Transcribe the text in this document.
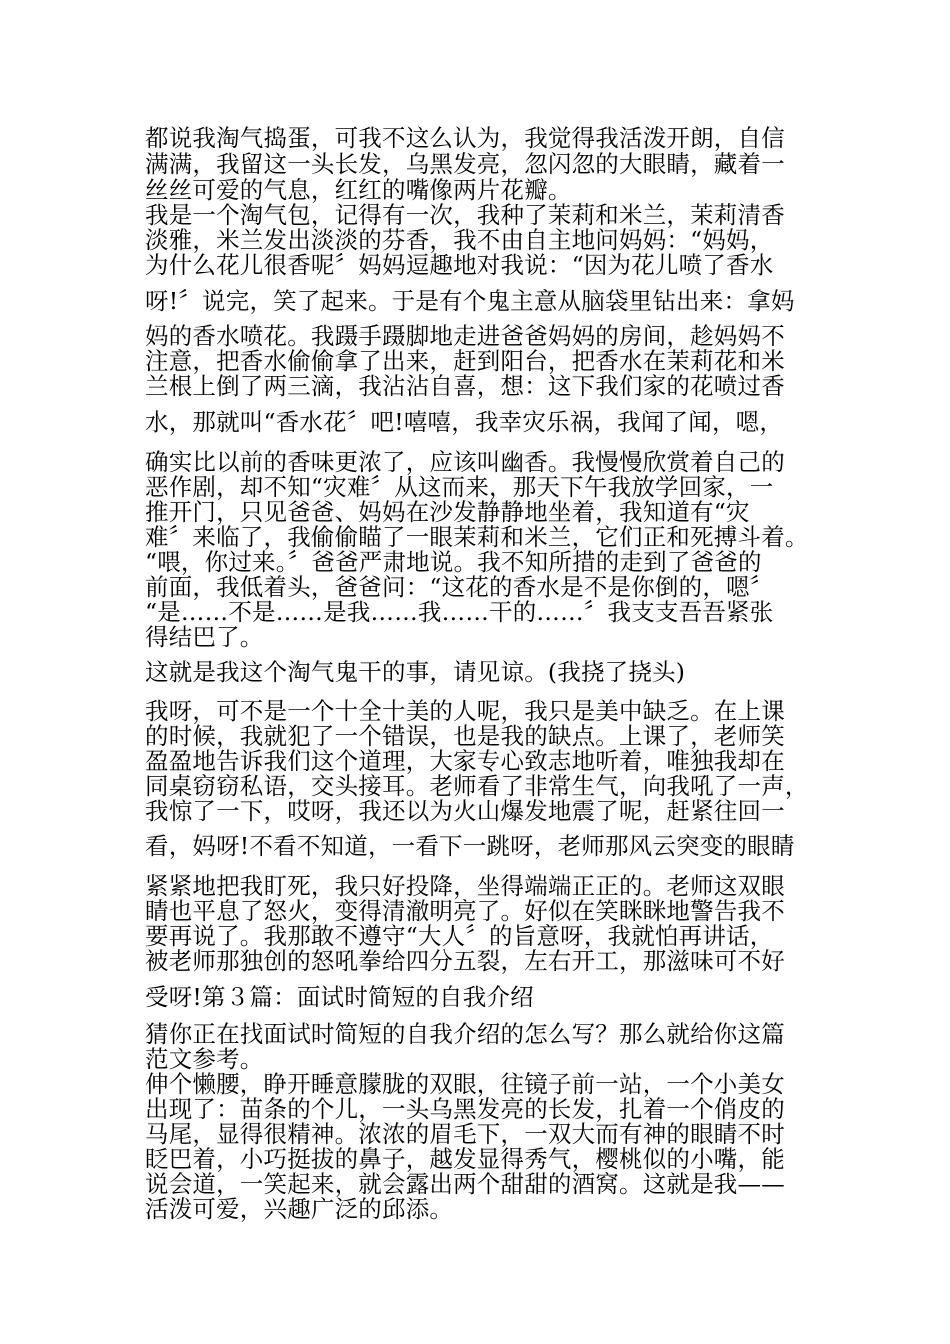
都说我淘气捣蛋，可我不这么认为，我觉得我活泼开朗，自信
满满，我留这一头长发，乌黑发亮，忽闪忽的大眼睛，藏着一
丝丝可爱的气息，红红的嘴像两片花瓣。
我是一个淘气包，记得有一次，我种了茉莉和米兰，茉莉清香
淡雅，米兰发出淡淡的芬香，我不由自主地问妈妈：“妈妈，
为什么花儿很香呢〞妈妈逗趣地对我说：“因为花儿喷了香水
呀!〞说完，笑了起来。于是有个鬼主意从脑袋里钻出来：拿妈
妈的香水喷花。我蹑手蹑脚地走进爸爸妈妈的房间，趁妈妈不
注意，把香水偷偷拿了出来，赶到阳台，把香水在茉莉花和米
兰根上倒了两三滴，我沾沾自喜，想：这下我们家的花喷过香
水，那就叫“香水花〞吧!嘻嘻，我幸灾乐祸，我闻了闻，嗯，
确实比以前的香味更浓了，应该叫幽香。我慢慢欣赏着自己的
恶作剧，却不知“灾难〞从这而来，那天下午我放学回家，一
推开门，只见爸爸、妈妈在沙发静静地坐着，我知道有“灾
难〞来临了，我偷偷瞄了一眼茉莉和米兰，它们正和死搏斗着。
“喂，你过来。〞爸爸严肃地说。我不知所措的走到了爸爸的
前面，我低着头，爸爸问：“这花的香水是不是你倒的，嗯〞
“是……不是……是我……我……干的……〞我支支吾吾紧张
得结巴了。
这就是我这个淘气鬼干的事，请见谅。(我挠了挠头)
我呀，可不是一个十全十美的人呢，我只是美中缺乏。在上课
的时候，我就犯了一个错误，也是我的缺点。上课了，老师笑
盈盈地告诉我们这个道理，大家专心致志地听着，唯独我却在
同桌窃窃私语，交头接耳。老师看了非常生气，向我吼了一声，
我惊了一下，哎呀，我还以为火山爆发地震了呢，赶紧往回一
看，妈呀!不看不知道，一看下一跳呀，老师那风云突变的眼睛
紧紧地把我盯死，我只好投降，坐得端端正正的。老师这双眼
睛也平息了怒火，变得清澈明亮了。好似在笑眯眯地警告我不
要再说了。我那敢不遵守“大人〞的旨意呀，我就怕再讲话，
被老师那独创的怒吼拳给四分五裂，左右开工，那滋味可不好
受呀!第３篇：面试时简短的自我介绍
猜你正在找面试时简短的自我介绍的怎么写？那么就给你这篇
范文参考。
伸个懒腰，睁开睡意朦胧的双眼，往镜子前一站，一个小美女
出现了：苗条的个儿，一头乌黑发亮的长发，扎着一个俏皮的
马尾，显得很精神。浓浓的眉毛下，一双大而有神的眼睛不时
眨巴着，小巧挺拔的鼻子，越发显得秀气，樱桃似的小嘴，能
说会道，一笑起来，就会露出两个甜甜的酒窝。这就是我——
活泼可爱，兴趣广泛的邱添。
